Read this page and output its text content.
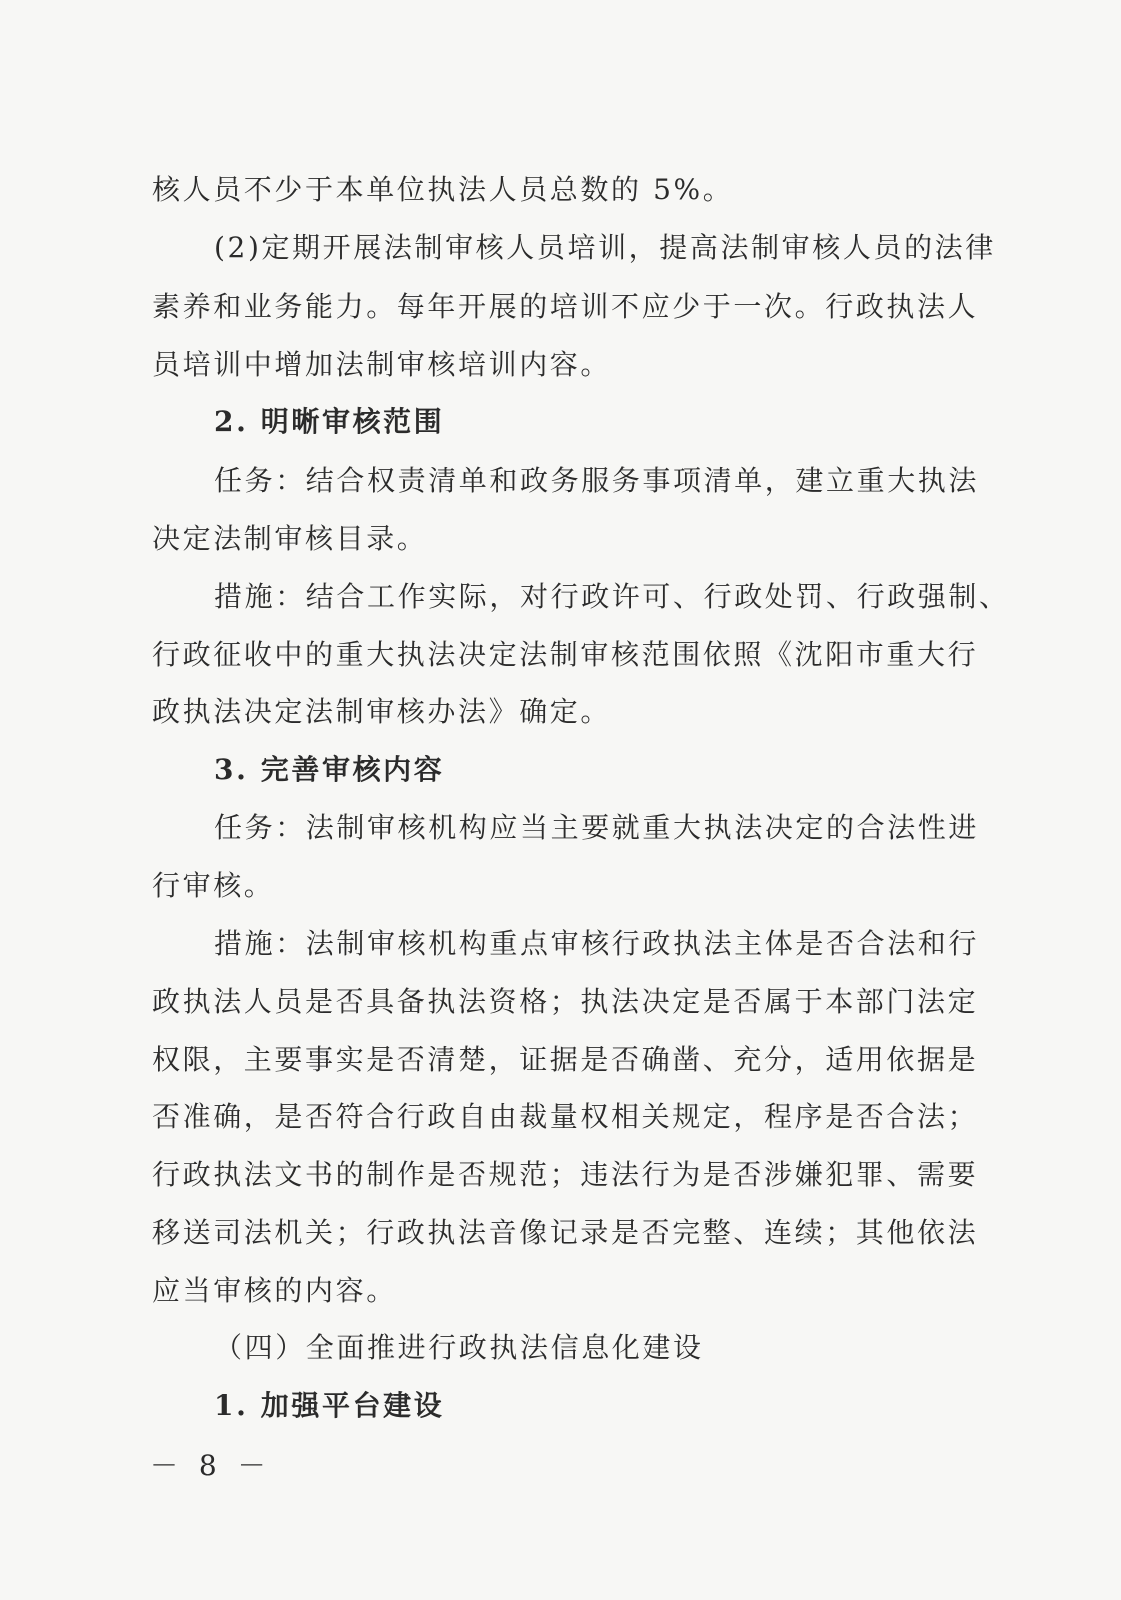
核人员不少于本单位执法人员总数的 5%。
(2)定期开展法制审核人员培训，提高法制审核人员的法律
素养和业务能力。每年开展的培训不应少于一次。行政执法人
员培训中增加法制审核培训内容。
2. 明晰审核范围
任务：结合权责清单和政务服务事项清单，建立重大执法
决定法制审核目录。
措施：结合工作实际，对行政许可、行政处罚、行政强制、
行政征收中的重大执法决定法制审核范围依照《沈阳市重大行
政执法决定法制审核办法》确定。
3. 完善审核内容
任务：法制审核机构应当主要就重大执法决定的合法性进
行审核。
措施：法制审核机构重点审核行政执法主体是否合法和行
政执法人员是否具备执法资格；执法决定是否属于本部门法定
权限，主要事实是否清楚，证据是否确凿、充分，适用依据是
否准确，是否符合行政自由裁量权相关规定，程序是否合法；
行政执法文书的制作是否规范；违法行为是否涉嫌犯罪、需要
移送司法机关；行政执法音像记录是否完整、连续；其他依法
应当审核的内容。
（四）全面推进行政执法信息化建设
1. 加强平台建设
－ 8 －
